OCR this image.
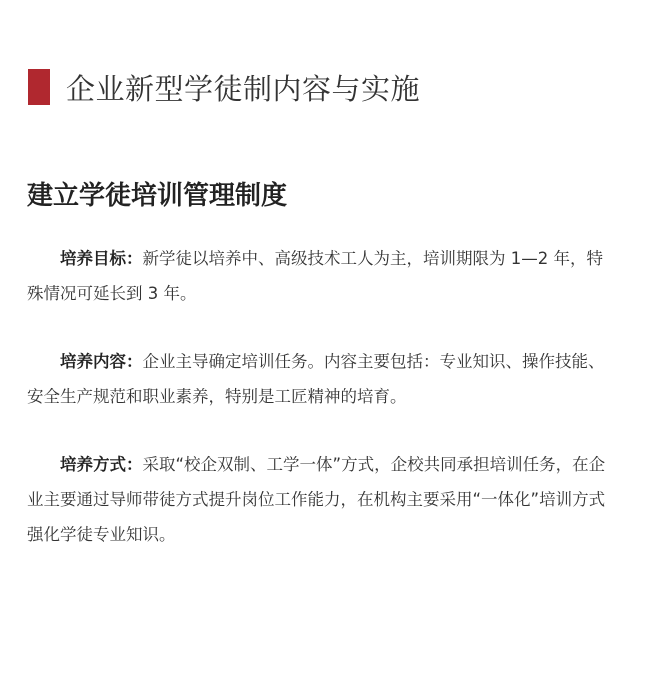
企业新型学徒制内容与实施
建立学徒培训管理制度

培养目标：新学徒以培养中、高级技术工人为主，培训期限为 1—2 年，特殊情况可延长到 3 年。

培养内容：企业主导确定培训任务。内容主要包括：专业知识、操作技能、安全生产规范和职业素养，特别是工匠精神的培育。

培养方式：采取“校企双制、工学一体”方式，企校共同承担培训任务，在企业主要通过导师带徒方式提升岗位工作能力，在机构主要采用“一体化”培训方式强化学徒专业知识。
